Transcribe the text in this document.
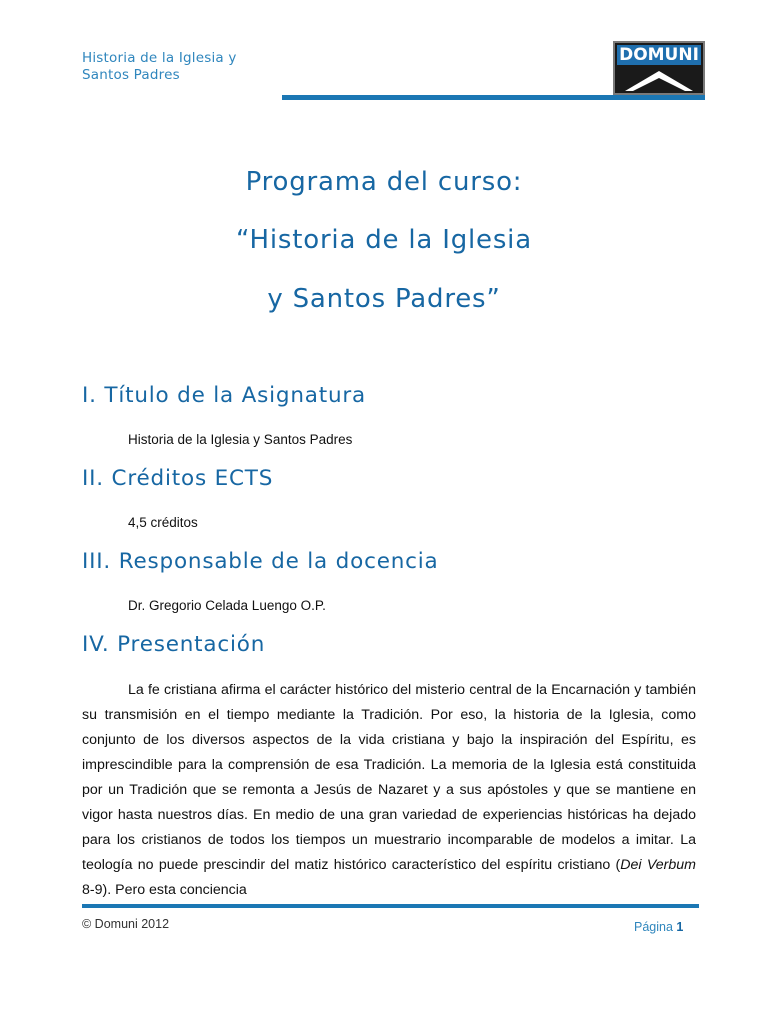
Historia de la Iglesia y
Santos Padres
DOMUNI
Programa del curso:
“Historia de la Iglesia
y Santos Padres”
I. Título de la Asignatura
Historia de la Iglesia y Santos Padres
II. Créditos ECTS
4,5 créditos
III. Responsable de la docencia
Dr. Gregorio Celada Luengo O.P.
IV. Presentación
La fe cristiana afirma el carácter histórico del misterio central de la Encarnación y también su transmisión en el tiempo mediante la Tradición. Por eso, la historia de la Iglesia, como conjunto de los diversos aspectos de la vida cristiana y bajo la inspiración del Espíritu, es imprescindible para la comprensión de esa Tradición. La memoria de la Iglesia está constituida por un Tradición que se remonta a Jesús de Nazaret y a sus apóstoles y que se mantiene en vigor hasta nuestros días. En medio de una gran variedad de experiencias históricas ha dejado para los cristianos de todos los tiempos un muestrario incomparable de modelos a imitar. La teología no puede prescindir del matiz histórico característico del espíritu cristiano (Dei Verbum 8-9). Pero esta conciencia
© Domuni 2012	Página 1
